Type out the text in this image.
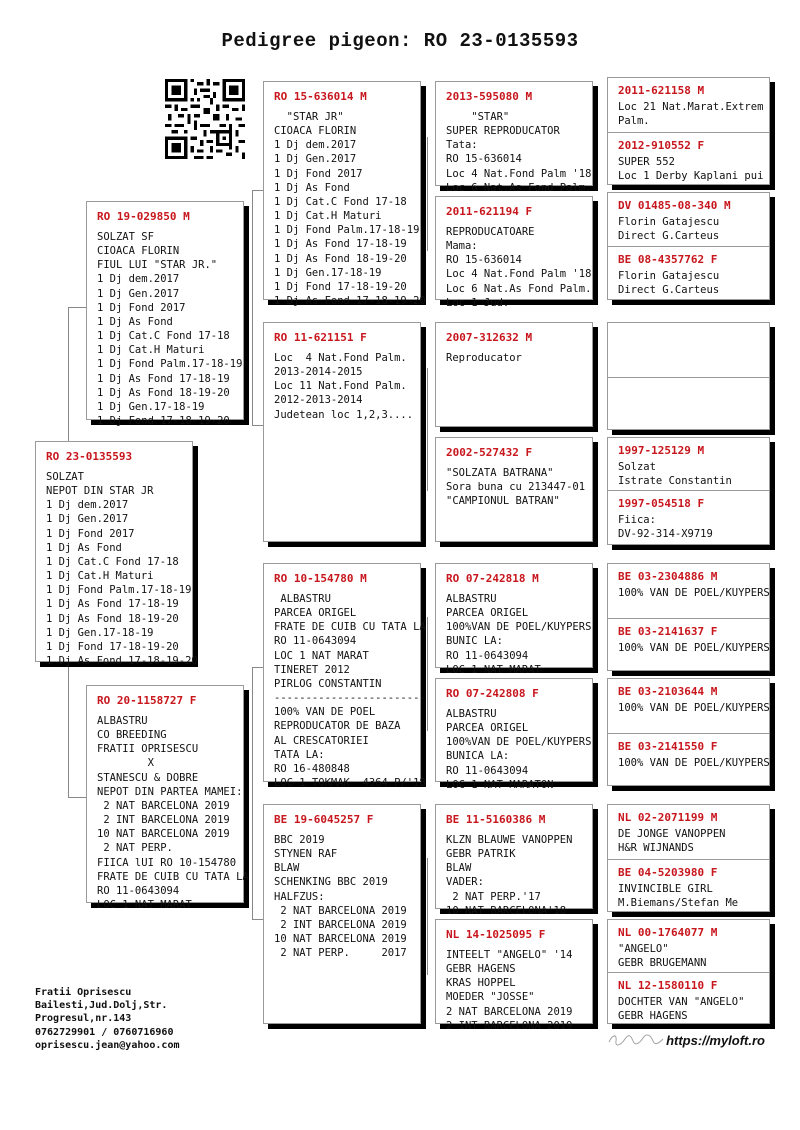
Pedigree pigeon: RO 23-0135593
RO 23-0135593
SOLZAT
NEPOT DIN STAR JR
1 Dj dem.2017
1 Dj Gen.2017
1 Dj Fond 2017
1 Dj As Fond
1 Dj Cat.C Fond 17-18
1 Dj Cat.H Maturi
1 Dj Fond Palm.17-18-19
1 Dj As Fond 17-18-19
1 Dj As Fond 18-19-20
1 Dj Gen.17-18-19
1 Dj Fond 17-18-19-20
1 Dj As Fond 17-18-19-20
RO 19-029850 M
SOLZAT SF
CIOACA FLORIN
FIUL LUI "STAR JR."
1 Dj dem.2017
1 Dj Gen.2017
1 Dj Fond 2017
1 Dj As Fond
1 Dj Cat.C Fond 17-18
1 Dj Cat.H Maturi
1 Dj Fond Palm.17-18-19
1 Dj As Fond 17-18-19
1 Dj As Fond 18-19-20
1 Dj Gen.17-18-19
1 Dj Fond 17-18-19-20
RO 20-1158727 F
ALBASTRU
CO BREEDING
FRATII OPRISESCU
X
STANESCU & DOBRE
NEPOT DIN PARTEA MAMEI:
2 NAT BARCELONA 2019
2 INT BARCELONA 2019
10 NAT BARCELONA 2019
2 NAT PERP.
FIICA lUI RO 10-154780
FRATE DE CUIB CU TATA LA
RO 11-0643094
LOC 1 NAT MARAT
RO 15-636014 M
"STAR JR"
CIOACA FLORIN
1 Dj dem.2017
1 Dj Gen.2017
1 Dj Fond 2017
1 Dj As Fond
1 Dj Cat.C Fond 17-18
1 Dj Cat.H Maturi
1 Dj Fond Palm.17-18-19
1 Dj As Fond 17-18-19
1 Dj As Fond 18-19-20
1 Dj Gen.17-18-19
1 Dj Fond 17-18-19-20
1 Dj As Fond 17-18-19-20
RO 11-621151 F
Loc  4 Nat.Fond Palm.
2013-2014-2015
Loc 11 Nat.Fond Palm.
2012-2013-2014
Judetean loc 1,2,3....
RO 10-154780 M
ALBASTRU
PARCEA ORIGEL
FRATE DE CUIB CU TATA LA
RO 11-0643094
LOC 1 NAT MARAT
TINERET 2012
PIRLOG CONSTANTIN
------------------------
100% VAN DE POEL
REPRODUCATOR DE BAZA
AL CRESCATORIEI
TATA LA:
RO 16-480848
LOC 1 TOKMAK  4364 P/'18
BE 19-6045257 F
BBC 2019
STYNEN RAF
BLAW
SCHENKING BBC 2019
HALFZUS:
2 NAT BARCELONA 2019
2 INT BARCELONA 2019
10 NAT BARCELONA 2019
2 NAT PERP.     2017
2013-595080 M
"STAR"
SUPER REPRODUCATOR
Tata:
RO 15-636014
Loc 4 Nat.Fond Palm '18
Loc 6 Nat.As Fond Palm.
2011-621194 F
REPRODUCATOARE
Mama:
RO 15-636014
Loc 4 Nat.Fond Palm '18
Loc 6 Nat.As Fond Palm.
Loc 1 Jud.
2007-312632 M
Reproducator
2002-527432 F
"SOLZATA BATRANA"
Sora buna cu 213447-01
"CAMPIONUL BATRAN"
RO 07-242818 M
ALBASTRU
PARCEA ORIGEL
100%VAN DE POEL/KUYPERS
BUNIC LA:
RO 11-0643094
LOC 1 NAT MARAT
RO 07-242808 F
ALBASTRU
PARCEA ORIGEL
100%VAN DE POEL/KUYPERS
BUNICA LA:
RO 11-0643094
LOC 1 NAT MARATON
BE 11-5160386 M
KLZN BLAUWE VANOPPEN
GEBR PATRIK
BLAW
VADER:
2 NAT PERP.'17
10 NAT BARCELONA'18
NL 14-1025095 F
INTEELT "ANGELO" '14
GEBR HAGENS
KRAS HOPPEL
MOEDER "JOSSE"
2 NAT BARCELONA 2019
2 INT BARCELONA 2019
2011-621158 M
Loc 21 Nat.Marat.Extrem
Palm.
2012-910552 F
SUPER 552
Loc 1 Derby Kaplani pui
DV 01485-08-340 M
Florin Gatajescu
Direct G.Carteus
BE 08-4357762 F
Florin Gatajescu
Direct G.Carteus
1997-125129 M
Solzat
Istrate Constantin
1997-054518 F
Fiica:
DV-92-314-X9719
BE 03-2304886 M
100% VAN DE POEL/KUYPERS
BE 03-2141637 F
100% VAN DE POEL/KUYPERS
BE 03-2103644 M
100% VAN DE POEL/KUYPERS
BE 03-2141550 F
100% VAN DE POEL/KUYPERS
NL 02-2071199 M
DE JONGE VANOPPEN
H&R WIJNANDS
BE 04-5203980 F
INVINCIBLE GIRL
M.Biemans/Stefan Me
NL 00-1764077 M
"ANGELO"
GEBR BRUGEMANN
NL 12-1580110 F
DOCHTER VAN "ANGELO"
GEBR HAGENS
Fratii Oprisescu
Bailesti,Jud.Dolj,Str.
Progresul,nr.143
0762729901 / 0760716960
oprisescu.jean@yahoo.com	https://myloft.ro
